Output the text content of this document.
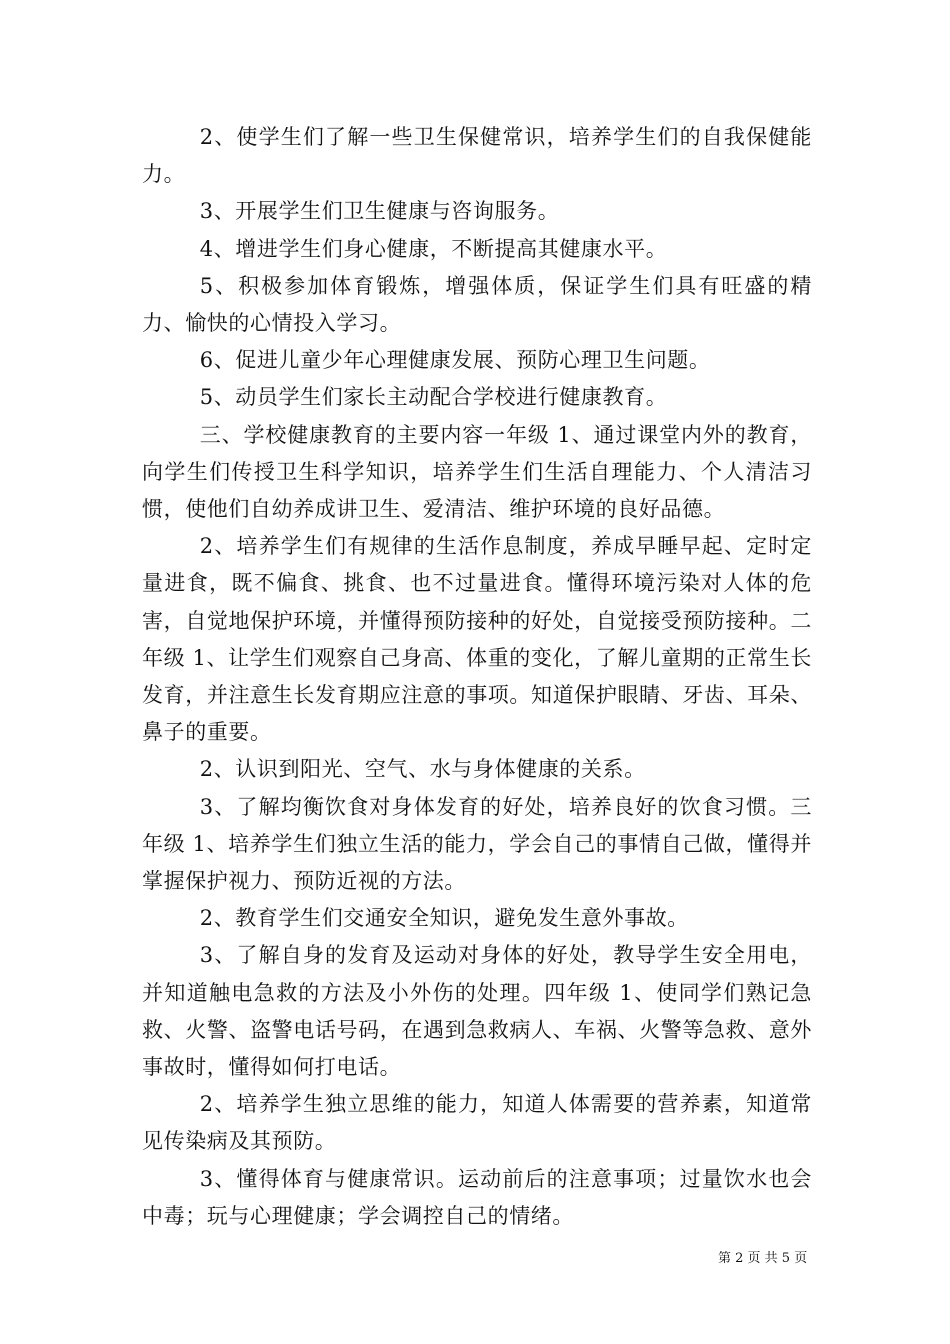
2、使学生们了解一些卫生保健常识，培养学生们的自我保健能力。

3、开展学生们卫生健康与咨询服务。

4、增进学生们身心健康，不断提高其健康水平。

5、积极参加体育锻炼，增强体质，保证学生们具有旺盛的精力、愉快的心情投入学习。

6、促进儿童少年心理健康发展、预防心理卫生问题。

5、动员学生们家长主动配合学校进行健康教育。

三、学校健康教育的主要内容一年级 1、通过课堂内外的教育，向学生们传授卫生科学知识，培养学生们生活自理能力、个人清洁习惯，使他们自幼养成讲卫生、爱清洁、维护环境的良好品德。

2、培养学生们有规律的生活作息制度，养成早睡早起、定时定量进食，既不偏食、挑食、也不过量进食。懂得环境污染对人体的危害，自觉地保护环境，并懂得预防接种的好处，自觉接受预防接种。二年级 1、让学生们观察自己身高、体重的变化，了解儿童期的正常生长发育，并注意生长发育期应注意的事项。知道保护眼睛、牙齿、耳朵、鼻子的重要。

2、认识到阳光、空气、水与身体健康的关系。

3、了解均衡饮食对身体发育的好处，培养良好的饮食习惯。三年级 1、培养学生们独立生活的能力，学会自己的事情自己做，懂得并掌握保护视力、预防近视的方法。

2、教育学生们交通安全知识，避免发生意外事故。

3、了解自身的发育及运动对身体的好处，教导学生安全用电，并知道触电急救的方法及小外伤的处理。四年级 1、使同学们熟记急救、火警、盗警电话号码，在遇到急救病人、车祸、火警等急救、意外事故时，懂得如何打电话。

2、培养学生独立思维的能力，知道人体需要的营养素，知道常见传染病及其预防。

3、懂得体育与健康常识。运动前后的注意事项；过量饮水也会中毒；玩与心理健康；学会调控自己的情绪。

第 2 页 共 5 页
